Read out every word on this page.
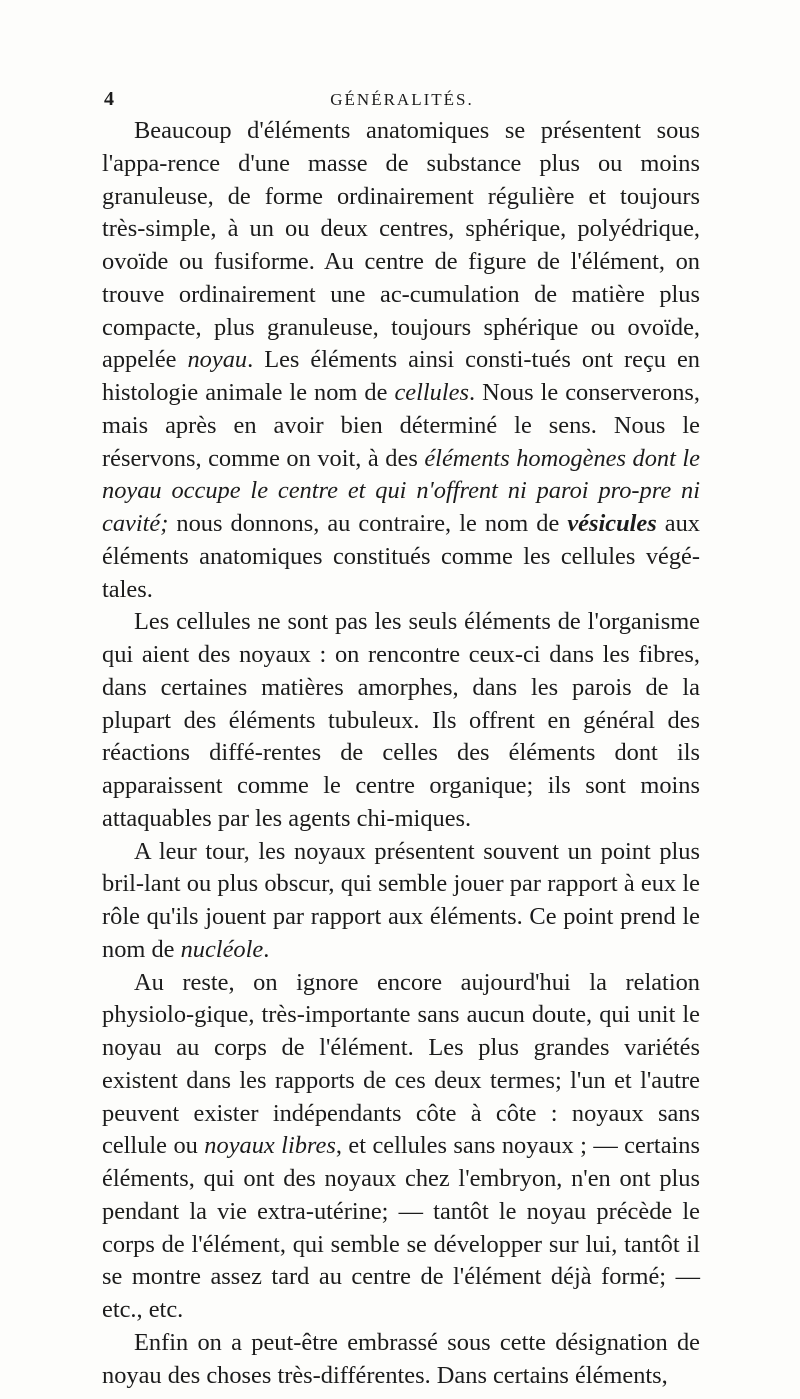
4	GÉNÉRALITÉS.

Beaucoup d'éléments anatomiques se présentent sous l'appa-rence d'une masse de substance plus ou moins granuleuse, de forme ordinairement régulière et toujours très-simple, à un ou deux centres, sphérique, polyédrique, ovoïde ou fusiforme. Au centre de figure de l'élément, on trouve ordinairement une ac-cumulation de matière plus compacte, plus granuleuse, toujours sphérique ou ovoïde, appelée noyau. Les éléments ainsi consti-tués ont reçu en histologie animale le nom de cellules. Nous le conserverons, mais après en avoir bien déterminé le sens. Nous le réservons, comme on voit, à des éléments homogènes dont le noyau occupe le centre et qui n'offrent ni paroi pro-pre ni cavité; nous donnons, au contraire, le nom de vésicules aux éléments anatomiques constitués comme les cellules végé-tales.

Les cellules ne sont pas les seuls éléments de l'organisme qui aient des noyaux : on rencontre ceux-ci dans les fibres, dans certaines matières amorphes, dans les parois de la plupart des éléments tubuleux. Ils offrent en général des réactions diffé-rentes de celles des éléments dont ils apparaissent comme le centre organique; ils sont moins attaquables par les agents chi-miques.

A leur tour, les noyaux présentent souvent un point plus bril-lant ou plus obscur, qui semble jouer par rapport à eux le rôle qu'ils jouent par rapport aux éléments. Ce point prend le nom de nucléole.

Au reste, on ignore encore aujourd'hui la relation physiolo-gique, très-importante sans aucun doute, qui unit le noyau au corps de l'élément. Les plus grandes variétés existent dans les rapports de ces deux termes; l'un et l'autre peuvent exister indépendants côte à côte : noyaux sans cellule ou noyaux libres, et cellules sans noyaux ; — certains éléments, qui ont des noyaux chez l'embryon, n'en ont plus pendant la vie extra-utérine; — tantôt le noyau précède le corps de l'élément, qui semble se développer sur lui, tantôt il se montre assez tard au centre de l'élément déjà formé; — etc., etc.

Enfin on a peut-être embrassé sous cette désignation de noyau des choses très-différentes. Dans certains éléments,
